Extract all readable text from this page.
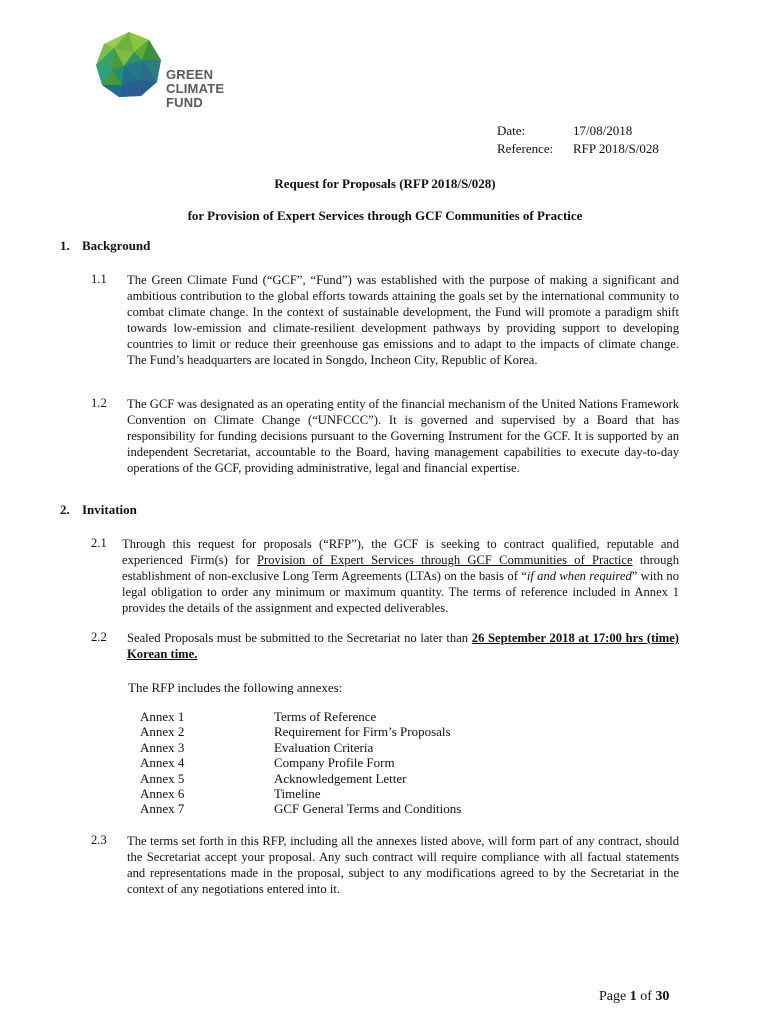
GREEN
CLIMATE
FUND
Date:	17/08/2018
Reference:	RFP 2018/S/028
Request for Proposals (RFP 2018/S/028)
for Provision of Expert Services through GCF Communities of Practice
1. Background
1.1	The Green Climate Fund (“GCF”, “Fund”) was established with the purpose of making a significant and ambitious contribution to the global efforts towards attaining the goals set by the international community to combat climate change. In the context of sustainable development, the Fund will promote a paradigm shift towards low-emission and climate-resilient development pathways by providing support to developing countries to limit or reduce their greenhouse gas emissions and to adapt to the impacts of climate change. The Fund’s headquarters are located in Songdo, Incheon City, Republic of Korea.
1.2	The GCF was designated as an operating entity of the financial mechanism of the United Nations Framework Convention on Climate Change (“UNFCCC”). It is governed and supervised by a Board that has responsibility for funding decisions pursuant to the Governing Instrument for the GCF. It is supported by an independent Secretariat, accountable to the Board, having management capabilities to execute day-to-day operations of the GCF, providing administrative, legal and financial expertise.
2. Invitation
2.1	Through this request for proposals (“RFP”), the GCF is seeking to contract qualified, reputable and experienced Firm(s) for Provision of Expert Services through GCF Communities of Practice through establishment of non-exclusive Long Term Agreements (LTAs) on the basis of “if and when required” with no legal obligation to order any minimum or maximum quantity. The terms of reference included in Annex 1 provides the details of the assignment and expected deliverables.
2.2	Sealed Proposals must be submitted to the Secretariat no later than 26 September 2018 at 17:00 hrs (time) Korean time.
The RFP includes the following annexes:
Annex 1	Terms of Reference
Annex 2	Requirement for Firm’s Proposals
Annex 3	Evaluation Criteria
Annex 4	Company Profile Form
Annex 5	Acknowledgement Letter
Annex 6	Timeline
Annex 7	GCF General Terms and Conditions
2.3	The terms set forth in this RFP, including all the annexes listed above, will form part of any contract, should the Secretariat accept your proposal. Any such contract will require compliance with all factual statements and representations made in the proposal, subject to any modifications agreed to by the Secretariat in the context of any negotiations entered into it.
Page 1 of 30
